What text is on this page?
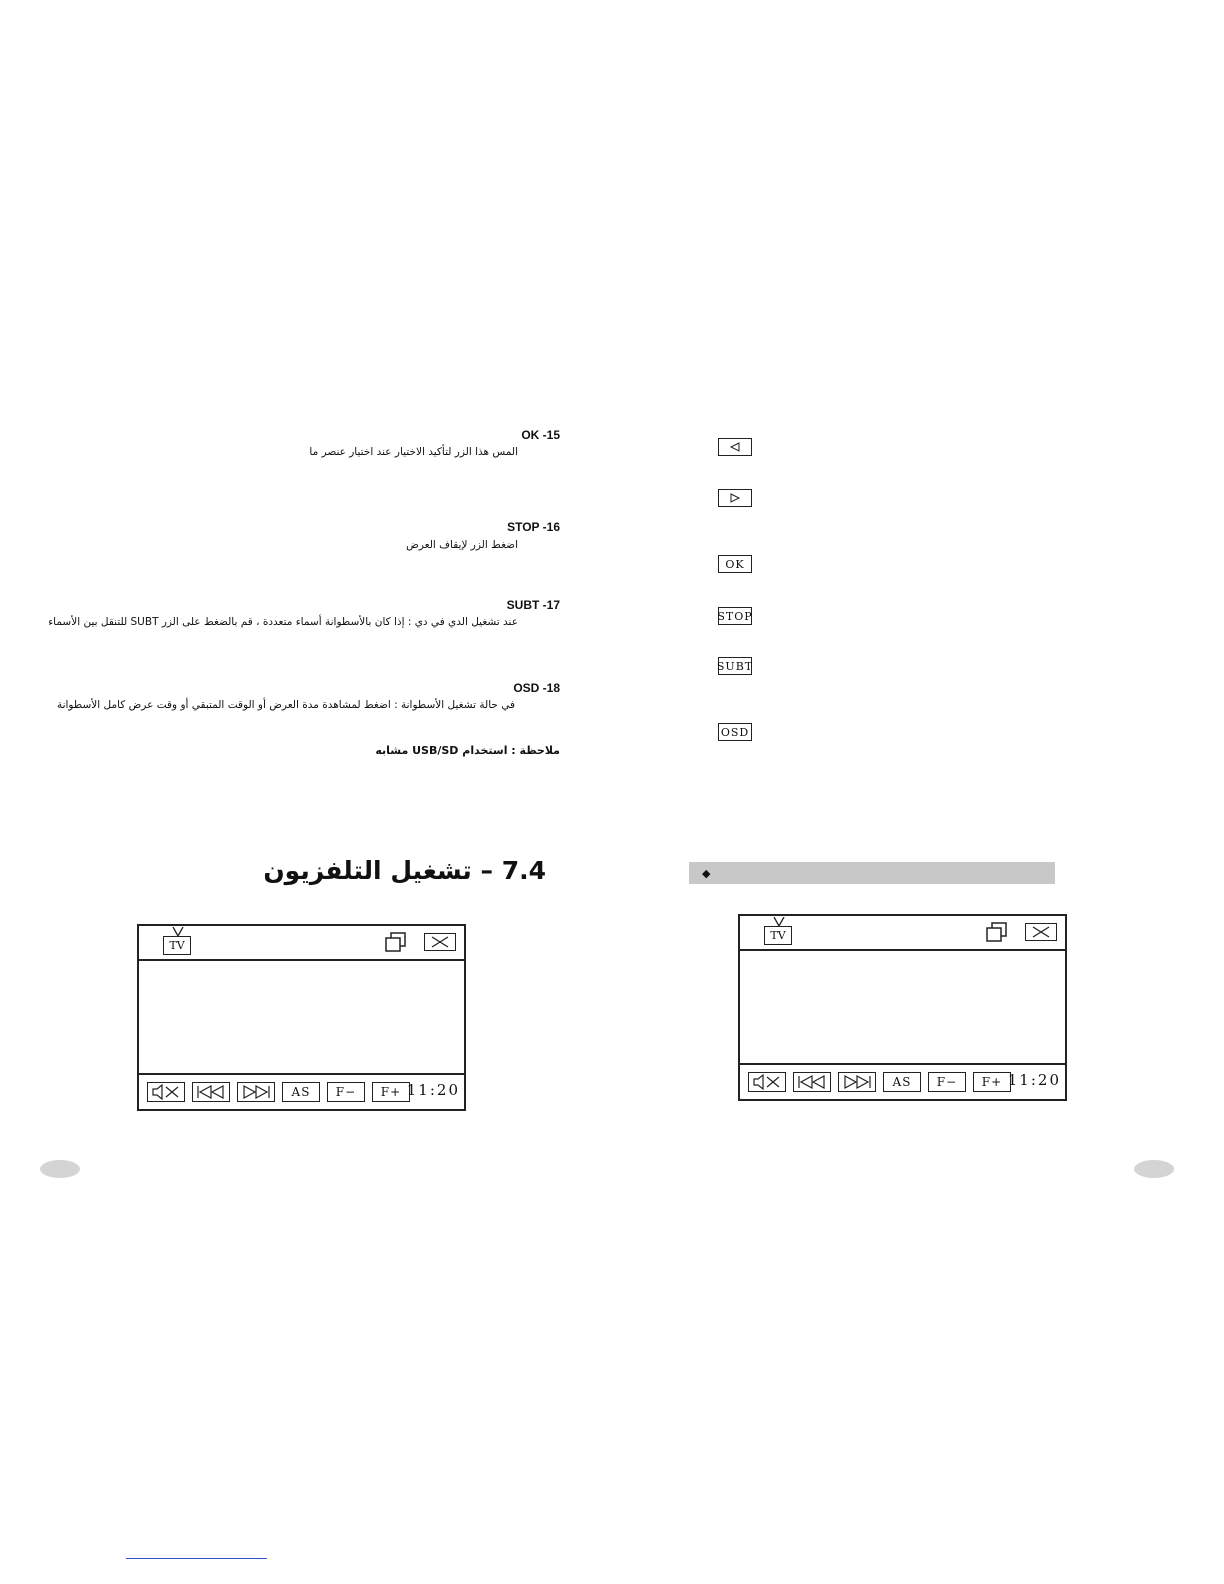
OK -15
المس هذا الزر لتأكيد الاختيار عند اختيار عنصر ما
STOP -16
اضغط الزر لإيقاف العرض
SUBT -17
عند تشغيل الدي في دي : إذا كان بالأسطوانة أسماء متعددة ، قم بالضغط على الزر SUBT للتنقل بين الأسماء
OSD -18
في حالة تشغيل الأسطوانة : اضغط لمشاهدة مدة العرض أو الوقت المتبقي أو وقت عرض كامل الأسطوانة
ملاحظة : استخدام USB/SD مشابه
7.4 – تشغيل التلفزيون
TV
AS	F−	F+ 11:20
OK
STOP
SUBT
OSD
◆
TV
AS	F−	F+ 11:20
